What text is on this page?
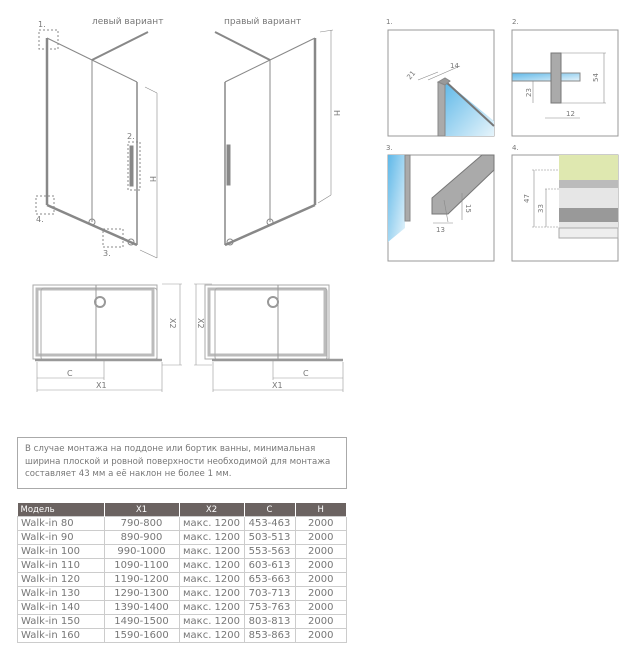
левый вариант
1.
2.
3.
4.
H
правый вариант
H
C
X1
X2
C
X1
X2
1.
21
14
2.
54
23
12
3.
15
13
4.
47
33
В случае монтажа на поддоне или бортик ванны, минимальная ширина плоской и ровной поверхности необходимой для монтажа составляет 43 мм а её наклон не более 1 мм.
Модель	X1	X2	C	H
Walk-in 80	790-800	макс. 1200	453-463	2000
Walk-in 90	890-900	макс. 1200	503-513	2000
Walk-in 100	990-1000	макс. 1200	553-563	2000
Walk-in 110	1090-1100	макс. 1200	603-613	2000
Walk-in 120	1190-1200	макс. 1200	653-663	2000
Walk-in 130	1290-1300	макс. 1200	703-713	2000
Walk-in 140	1390-1400	макс. 1200	753-763	2000
Walk-in 150	1490-1500	макс. 1200	803-813	2000
Walk-in 160	1590-1600	макс. 1200	853-863	2000
